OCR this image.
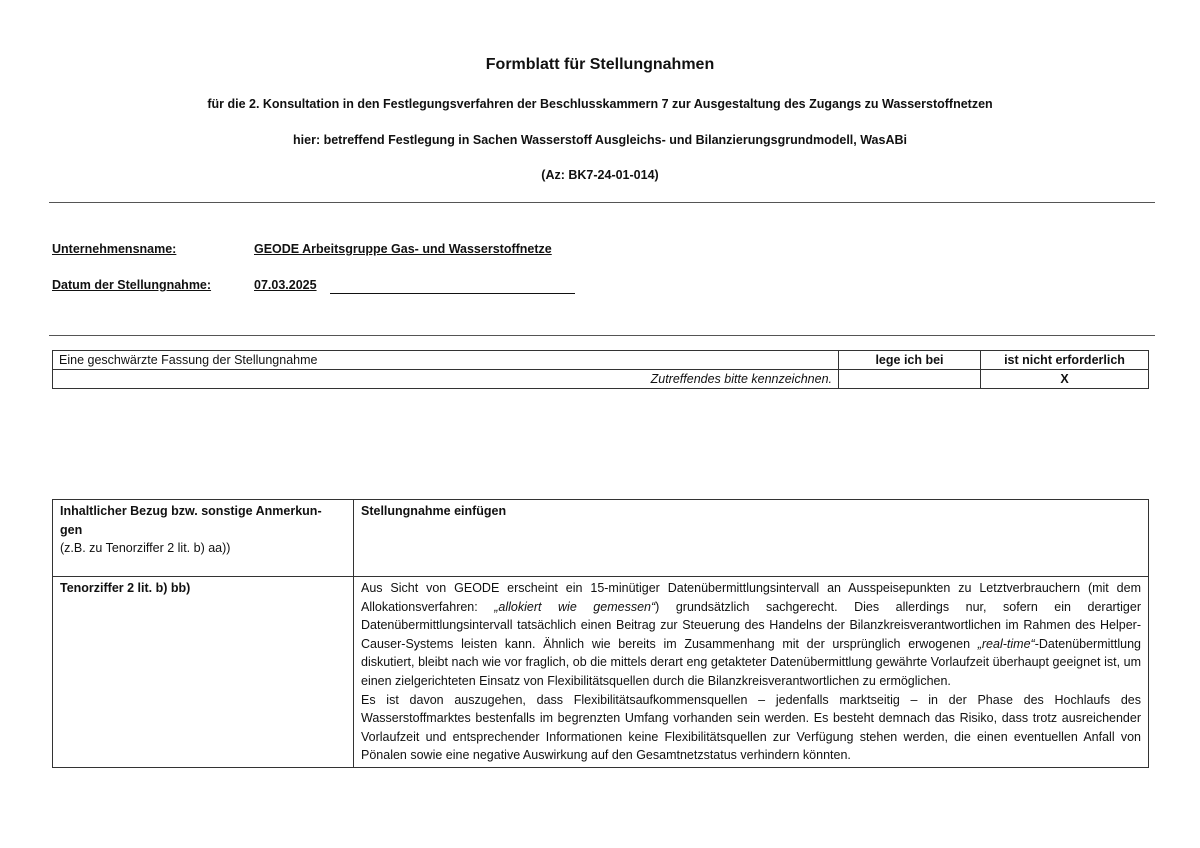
Formblatt für Stellungnahmen
für die 2. Konsultation in den Festlegungsverfahren der Beschlusskammern 7 zur Ausgestaltung des Zugangs zu Wasserstoffnetzen
hier: betreffend Festlegung in Sachen Wasserstoff Ausgleichs- und Bilanzierungsgrundmodell, WasABi
(Az: BK7-24-01-014)
Unternehmensname:	GEODE Arbeitsgruppe Gas- und Wasserstoffnetze
Datum der Stellungnahme:	07.03.2025
Eine geschwärzte Fassung der Stellungnahme	lege ich bei	ist nicht erforderlich
Zutreffendes bitte kennzeichnen.		X
Inhaltlicher Bezug bzw. sonstige Anmerkun-
gen
(z.B. zu Tenorziffer 2 lit. b) aa))	Stellungnahme einfügen
Tenorziffer 2 lit. b) bb)	Aus Sicht von GEODE erscheint ein 15-minütiger Datenübermittlungsintervall an Ausspeisepunkten zu Letztverbrauchern (mit dem Allokationsverfahren: „allokiert wie gemessen“) grundsätzlich sachgerecht. Dies allerdings nur, sofern ein derartiger Datenübermittlungsintervall tatsächlich einen Beitrag zur Steuerung des Handelns der Bilanzkreisverantwortlichen im Rahmen des Helper-Causer-Systems leisten kann. Ähnlich wie bereits im Zusammenhang mit der ursprünglich erwogenen „real-time“-Datenübermittlung diskutiert, bleibt nach wie vor fraglich, ob die mittels derart eng getakteter Datenübermittlung gewährte Vorlaufzeit überhaupt geeignet ist, um einen zielgerichteten Einsatz von Flexibilitätsquellen durch die Bilanzkreisverantwortlichen zu ermöglichen.
Es ist davon auszugehen, dass Flexibilitätsaufkommensquellen – jedenfalls marktseitig – in der Phase des Hochlaufs des Wasserstoffmarktes bestenfalls im begrenzten Umfang vorhanden sein werden. Es besteht demnach das Risiko, dass trotz ausreichender Vorlaufzeit und entsprechender Informationen keine Flexibilitätsquellen zur Verfügung stehen werden, die einen eventuellen Anfall von Pönalen sowie eine negative Auswirkung auf den Gesamtnetzstatus verhindern könnten.
